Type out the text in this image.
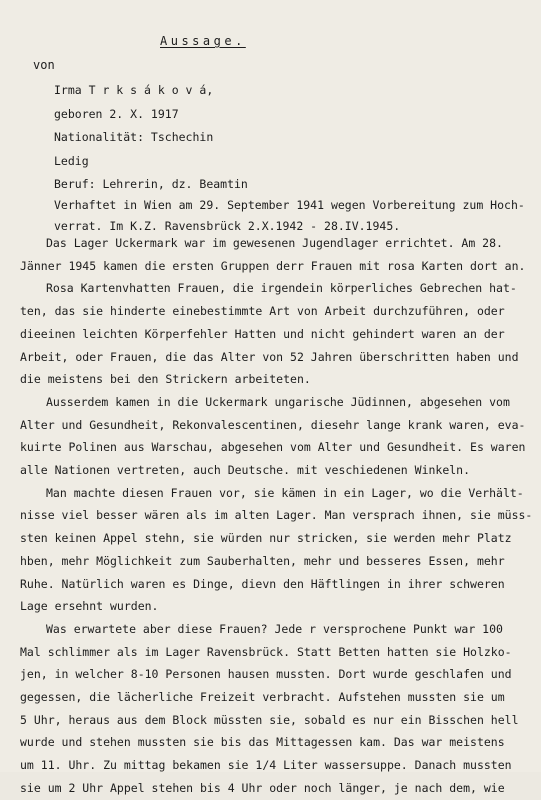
Aussage.
von
Irma T r k s á k o v á,
geboren 2. X. 1917
Nationalität: Tschechin
Ledig
Beruf: Lehrerin, dz. Beamtin
Verhaftet in Wien am 29. September 1941 wegen Vorbereitung zum Hoch-
verrat. Im K.Z. Ravensbrück 2.X.1942 - 28.IV.1945.

Das Lager Uckermark war im gewesenen Jugendlager errichtet. Am 28.
Jänner 1945 kamen die ersten Gruppen derr Frauen mit rosa Karten dort an.

Rosa Kartenvhatten Frauen, die irgendein körperliches Gebrechen hat-
ten, das sie hinderte einebestimmte Art von Arbeit durchzuführen, oder
dieeinen leichten Körperfehler Hatten und nicht gehindert waren an der
Arbeit, oder Frauen, die das Alter von 52 Jahren überschritten haben und
die meistens bei den Strickern arbeiteten.

Ausserdem kamen in die Uckermark ungarische Jüdinnen, abgesehen vom
Alter und Gesundheit, Rekonvalescentinen, diesehr lange krank waren, eva-
kuirte Polinen aus Warschau, abgesehen vom Alter und Gesundheit. Es waren
alle Nationen vertreten, auch Deutsche. mit veschiedenen Winkeln.

Man machte diesen Frauen vor, sie kämen in ein Lager, wo die Verhält-
nisse viel besser wären als im alten Lager. Man versprach ihnen, sie müss-
sten keinen Appel stehn, sie würden nur stricken, sie werden mehr Platz
hben, mehr Möglichkeit zum Sauberhalten, mehr und besseres Essen, mehr
Ruhe. Natürlich waren es Dinge, dievn den Häftlingen in ihrer schweren
Lage ersehnt wurden.

Was erwartete aber diese Frauen? Jede r versprochene Punkt war 100
Mal schlimmer als im Lager Ravensbrück. Statt Betten hatten sie Holzko-
jen, in welcher 8-10 Personen hausen mussten. Dort wurde geschlafen und
gegessen, die lächerliche Freizeit verbracht. Aufstehen mussten sie um
5 Uhr, heraus aus dem Block müssten sie, sobald es nur ein Bisschen hell
wurde und stehen mussten sie bis das Mittagessen kam. Das war meistens
um 11. Uhr. Zu mittag bekamen sie 1/4 Liter wassersuppe. Danach mussten
sie um 2 Uhr Appel stehen bis 4 Uhr oder noch länger, je nach dem, wie
